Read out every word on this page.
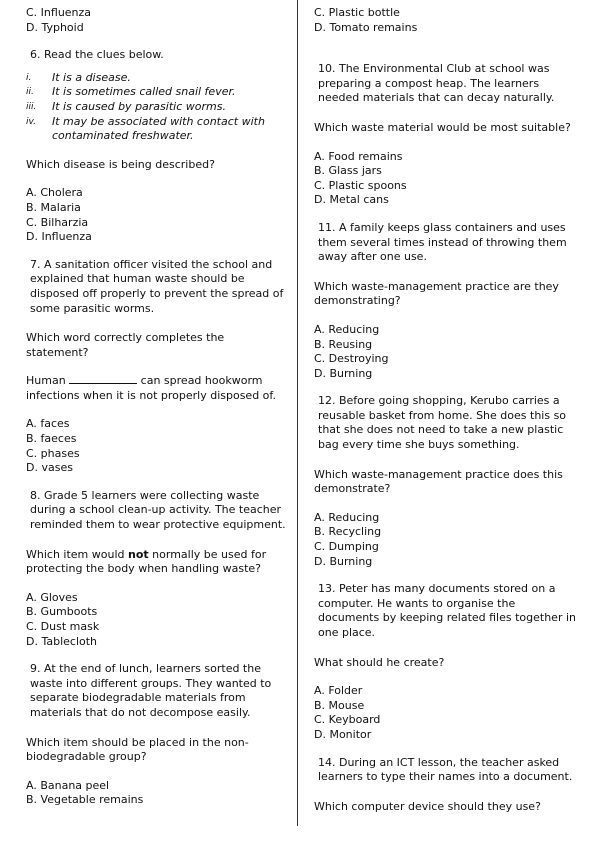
C. Influenza

D. Typhoid

6. Read the clues below.

i.	It is a disease.
ii.	It is sometimes called snail fever.
iii.	It is caused by parasitic worms.
iv.	It may be associated with contact with contaminated freshwater.

Which disease is being described?

A. Cholera

B. Malaria

C. Bilharzia

D. Influenza

7. A sanitation officer visited the school and explained that human waste should be disposed off properly to prevent the spread of some parasitic worms.

Which word correctly completes the statement?

Human	can spread hookworm infections when it is not properly disposed of.

A. faces

B. faeces

C. phases

D. vases

8. Grade 5 learners were collecting waste during a school clean-up activity. The teacher reminded them to wear protective equipment.

Which item would not normally be used for protecting the body when handling waste?

A. Gloves

B. Gumboots

C. Dust mask

D. Tablecloth

9. At the end of lunch, learners sorted the waste into different groups. They wanted to separate biodegradable materials from materials that do not decompose easily.

Which item should be placed in the non-biodegradable group?

A. Banana peel

B. Vegetable remains

C. Plastic bottle

D. Tomato remains

10. The Environmental Club at school was preparing a compost heap. The learners needed materials that can decay naturally.

Which waste material would be most suitable?

A. Food remains

B. Glass jars

C. Plastic spoons

D. Metal cans

11. A family keeps glass containers and uses them several times instead of throwing them away after one use.

Which waste-management practice are they demonstrating?

A. Reducing

B. Reusing

C. Destroying

D. Burning

12. Before going shopping, Kerubo carries a reusable basket from home. She does this so that she does not need to take a new plastic bag every time she buys something.

Which waste-management practice does this demonstrate?

A. Reducing

B. Recycling

C. Dumping

D. Burning

13. Peter has many documents stored on a computer. He wants to organise the documents by keeping related files together in one place.

What should he create?

A. Folder

B. Mouse

C. Keyboard

D. Monitor

14. During an ICT lesson, the teacher asked learners to type their names into a document.

Which computer device should they use?
